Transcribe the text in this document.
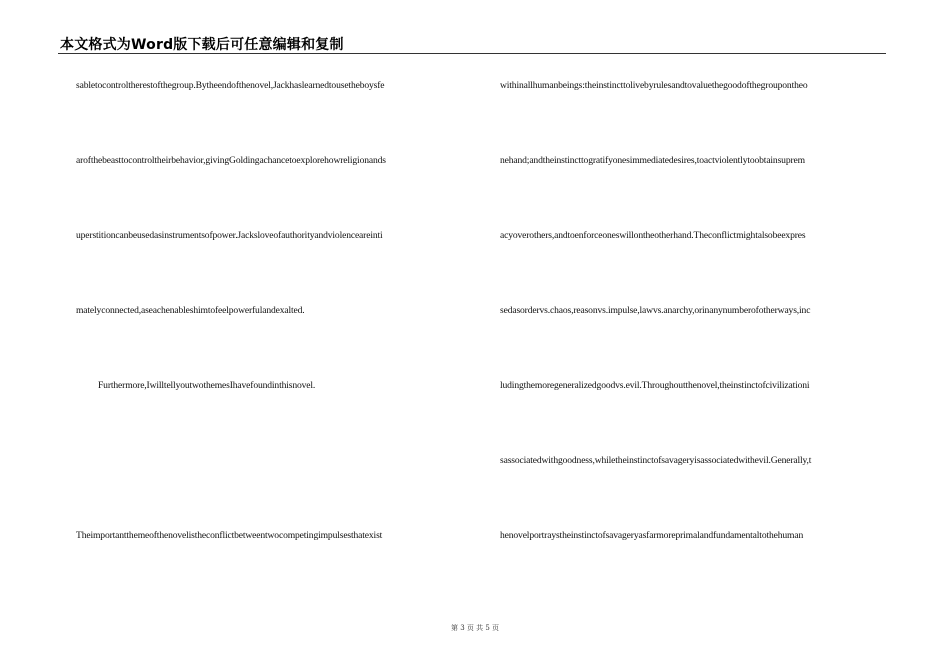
本文格式为Word版下载后可任意编辑和复制
sabletocontroltherestofthegroup.Bytheendofthenovel,Jackhaslearnedtousetheboysfe
arofthebeasttocontroltheirbehavior,givingGoldingachancetoexplorehowreligionands
uperstitioncanbeusedasinstrumentsofpower.Jacksloveofauthorityandviolenceareinti
matelyconnected,aseachenableshimtofeelpowerfulandexalted.
Furthermore,IwilltellyoutwothemesIhavefoundinthisnovel.
Theimportantthemeofthenovelistheconflictbetweentwocompetingimpulsesthatexist
withinallhumanbeings:theinstincttolivebyrulesandtovaluethegoodofthegroupontheo
nehand;andtheinstincttogratifyonesimmediatedesires,toactviolentlytoobtainsuprem
acyoverothers,andtoenforceoneswillontheotherhand.Theconflictmightalsobeexpres
sedasordervs.chaos,reasonvs.impulse,lawvs.anarchy,orinanynumberofotherways,inc
ludingthemoregeneralizedgoodvs.evil.Throughoutthenovel,theinstinctofcivilizationi
sassociatedwithgoodness,whiletheinstinctofsavageryisassociatedwithevil.Generally,t
henovelportraystheinstinctofsavageryasfarmoreprimalandfundamentaltothehuman
第 3 页 共 5 页
